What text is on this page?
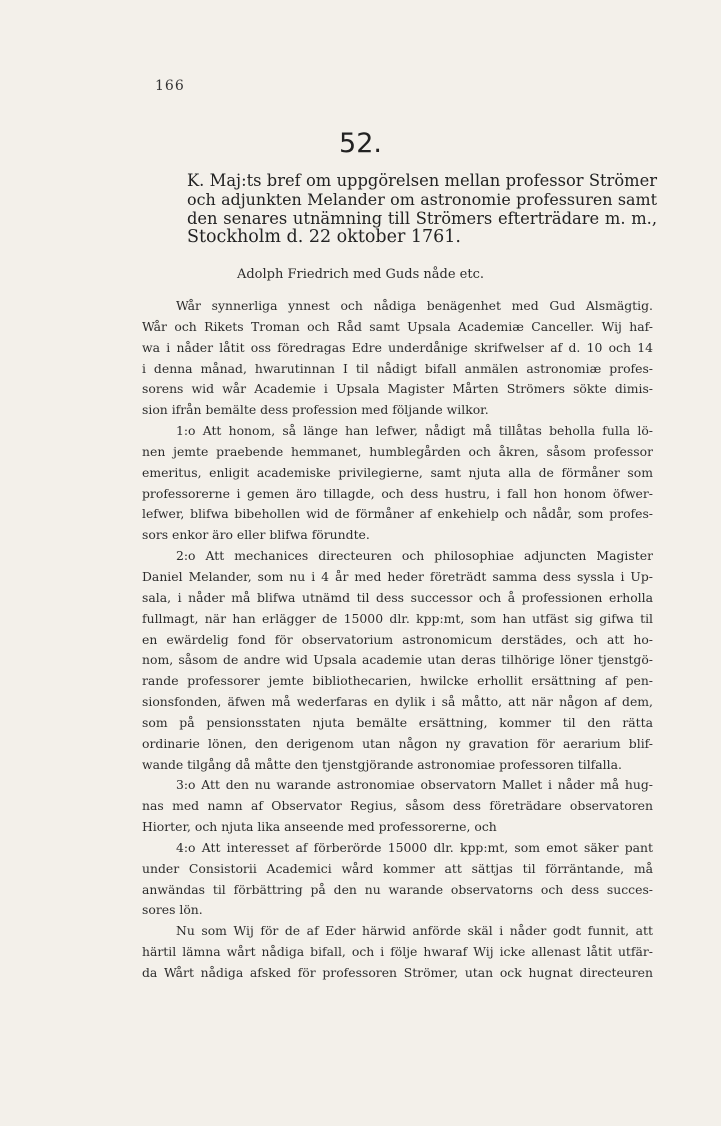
166
52.
K. Maj:ts bref om uppgörelsen mellan professor Strömer
och adjunkten Melander om astronomie professuren samt
den senares utnämning till Strömers efterträdare m. m.,
Stockholm d. 22 oktober 1761.
Adolph Friedrich med Guds nåde etc.
Wår synnerliga ynnest och nådiga benägenhet med Gud Alsmägtig.
Wår och Rikets Troman och Råd samt Upsala Academiæ Canceller. Wij haf-
wa i nåder låtit oss föredragas Edre underdånige skrifwelser af d. 10 och 14
i denna månad, hwarutinnan I til nådigt bifall anmälen astronomiæ profes-
sorens wid wår Academie i Upsala Magister Mårten Strömers sökte dimis-
sion ifrån bemälte dess profession med följande wilkor.
1:o Att honom, så länge han lefwer, nådigt må tillåtas beholla fulla lö-
nen jemte praebende hemmanet, humblegården och åkren, såsom professor
emeritus, enligit academiske privilegierne, samt njuta alla de förmåner som
professorerne i gemen äro tillagde, och dess hustru, i fall hon honom öfwer-
lefwer, blifwa bibehollen wid de förmåner af enkehielp och nådår, som profes-
sors enkor äro eller blifwa förundte.
2:o Att mechanices directeuren och philosophiae adjuncten Magister
Daniel Melander, som nu i 4 år med heder företrädt samma dess syssla i Up-
sala, i nåder må blifwa utnämd til dess successor och å professionen erholla
fullmagt, när han erlägger de 15000 dlr. kpp:mt, som han utfäst sig gifwa til
en ewärdelig fond för observatorium astronomicum derstädes, och att ho-
nom, såsom de andre wid Upsala academie utan deras tilhörige löner tjenstgö-
rande professorer jemte bibliothecarien, hwilcke erhollit ersättning af pen-
sionsfonden, äfwen må wederfaras en dylik i så måtto, att när någon af dem,
som på pensionsstaten njuta bemälte ersättning, kommer til den rätta
ordinarie lönen, den derigenom utan någon ny gravation för aerarium blif-
wande tilgång då måtte den tjenstgjörande astronomiae professoren tilfalla.
3:o Att den nu warande astronomiae observatorn Mallet i nåder må hug-
nas med namn af Observator Regius, såsom dess företrädare observatoren
Hiorter, och njuta lika anseende med professorerne, och
4:o Att interesset af förberörde 15000 dlr. kpp:mt, som emot säker pant
under Consistorii Academici wård kommer att sättjas til förräntande, må
anwändas til förbättring på den nu warande observatorns och dess succes-
sores lön.
Nu som Wij för de af Eder härwid anförde skäl i nåder godt funnit, att
härtil lämna wårt nådiga bifall, och i följe hwaraf Wij icke allenast låtit utfär-
da Wårt nådiga afsked för professoren Strömer, utan ock hugnat directeuren
